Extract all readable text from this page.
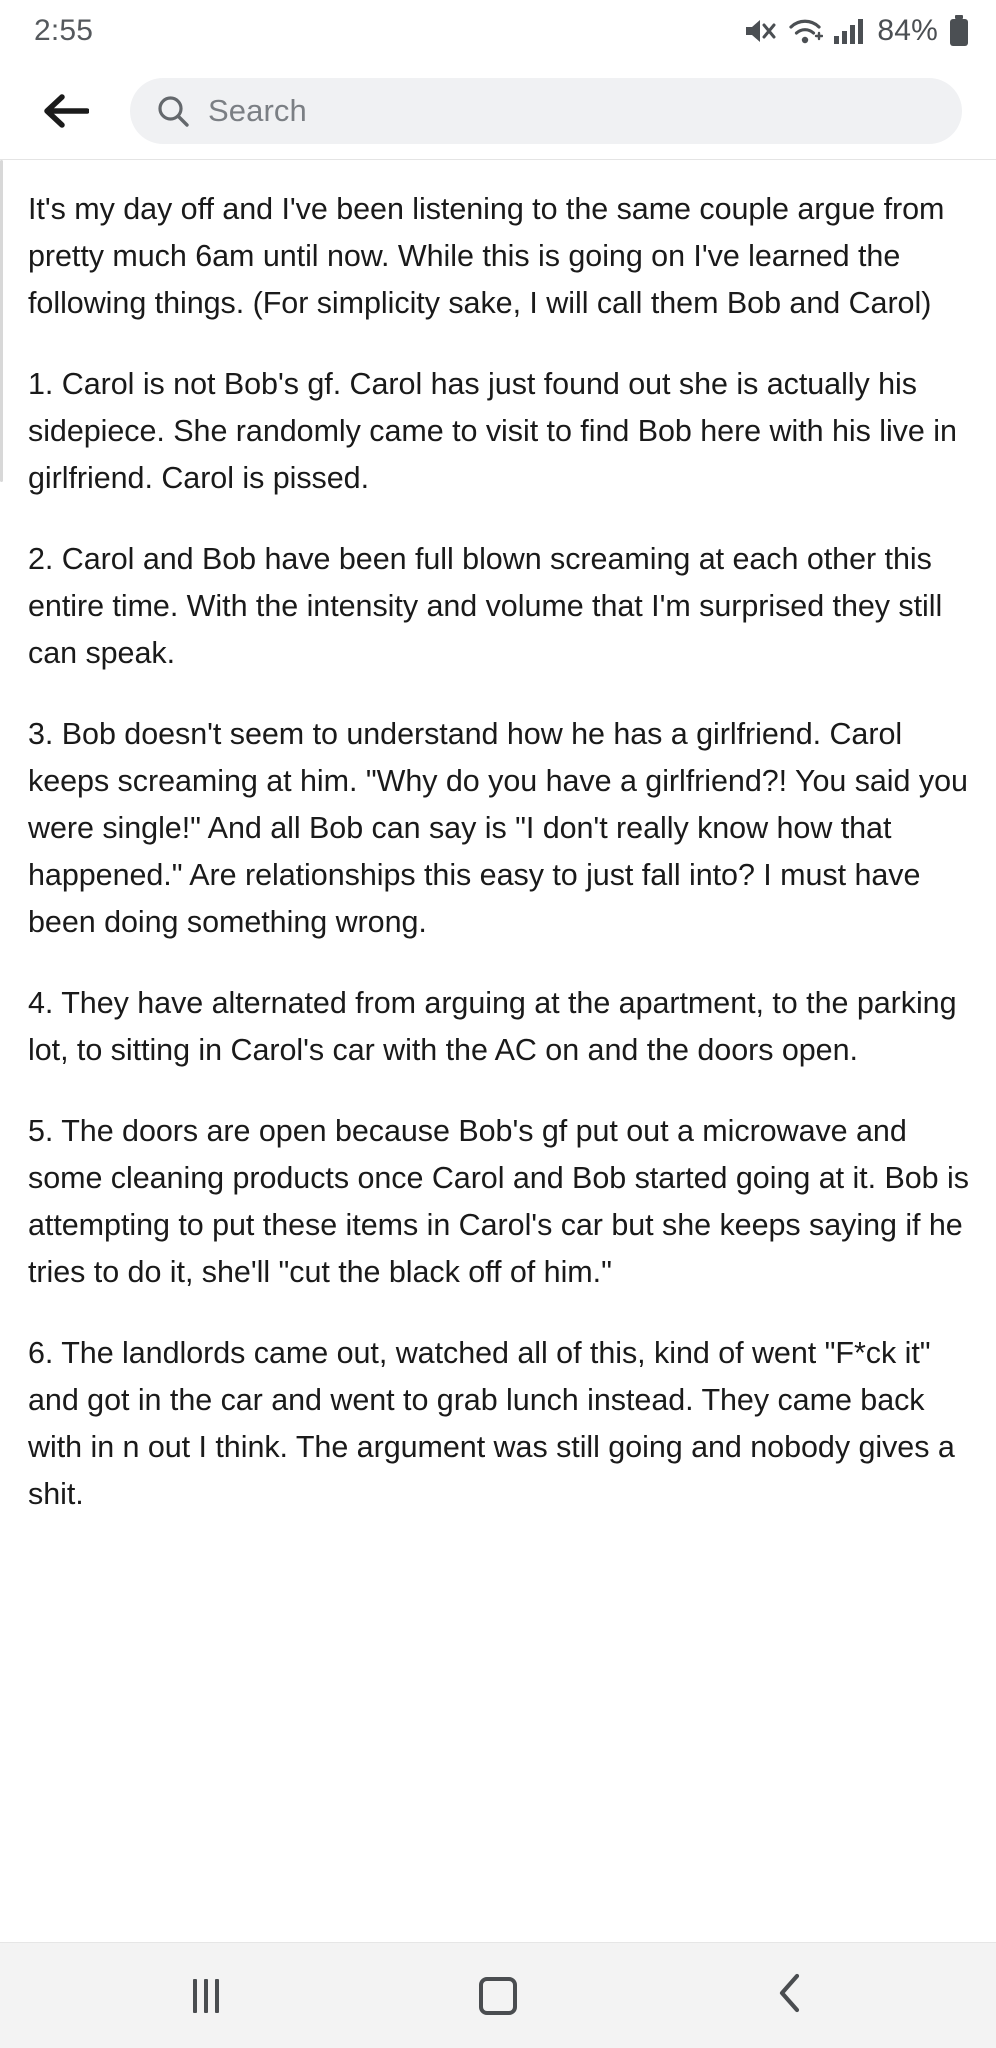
2:55	84%
Search

It's my day off and I've been listening to the same couple argue from pretty much 6am until now. While this is going on I've learned the following things. (For simplicity sake, I will call them Bob and Carol)

1. Carol is not Bob's gf. Carol has just found out she is actually his sidepiece. She randomly came to visit to find Bob here with his live in girlfriend. Carol is pissed.

2. Carol and Bob have been full blown screaming at each other this entire time. With the intensity and volume that I'm surprised they still can speak.

3. Bob doesn't seem to understand how he has a girlfriend. Carol keeps screaming at him. "Why do you have a girlfriend?! You said you were single!" And all Bob can say is "I don't really know how that happened." Are relationships this easy to just fall into? I must have been doing something wrong.

4. They have alternated from arguing at the apartment, to the parking lot, to sitting in Carol's car with the AC on and the doors open.

5. The doors are open because Bob's gf put out a microwave and some cleaning products once Carol and Bob started going at it. Bob is attempting to put these items in Carol's car but she keeps saying if he tries to do it, she'll "cut the black off of him."

6. The landlords came out, watched all of this, kind of went "F*ck it" and got in the car and went to grab lunch instead. They came back with in n out I think. The argument was still going and nobody gives a shit.
